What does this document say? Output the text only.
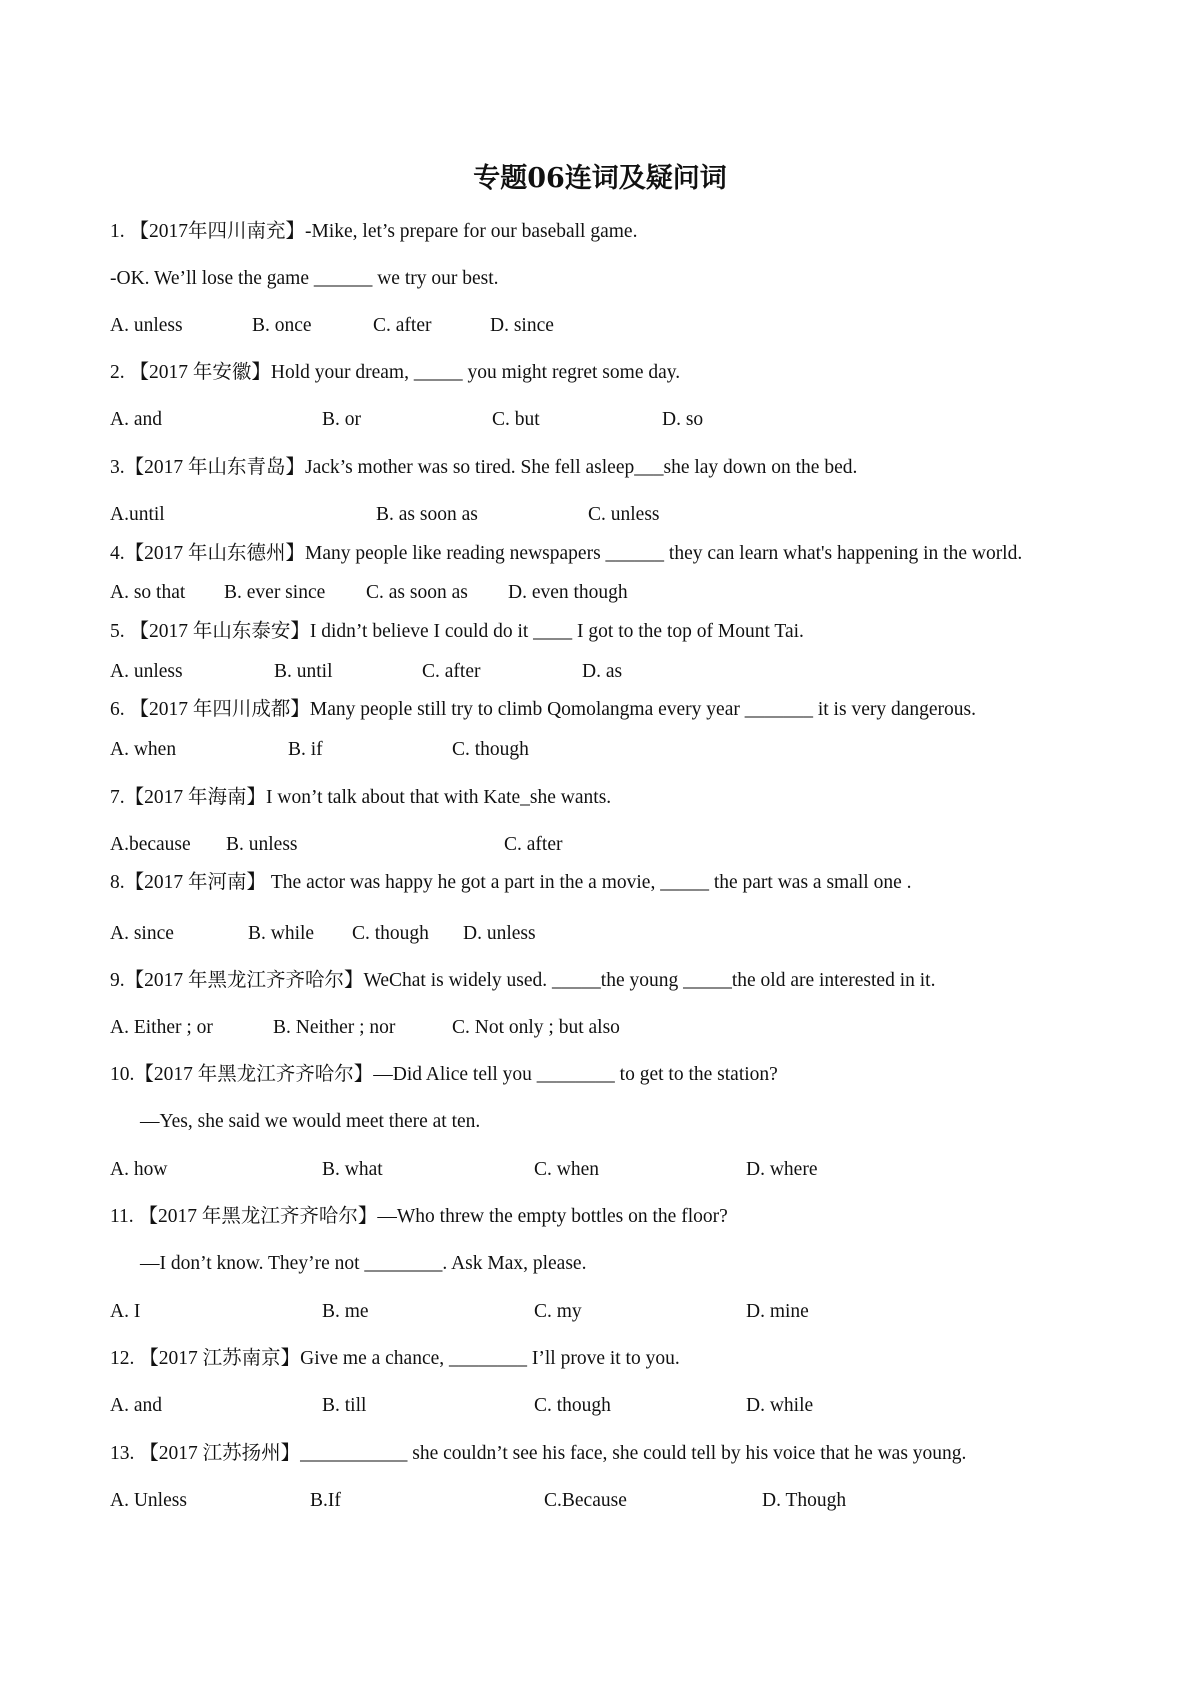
专题06连词及疑问词
1. 【2017年四川南充】-Mike, let’s prepare for our baseball game.
-OK. We’ll lose the game ______ we try our best.
A. unless	B. once	C. after	D. since
2. 【2017 年安徽】Hold your dream, _____ you might regret some day.
A. and	B. or	C. but	D. so
3.【2017 年山东青岛】Jack’s mother was so tired. She fell asleep___she lay down on the bed.
A.until	B. as soon as	C. unless
4.【2017 年山东德州】Many people like reading newspapers ______ they can learn what's happening in the world.
A. so that B. ever since C. as soon as D. even though
5. 【2017 年山东泰安】I didn’t believe I could do it ____ I got to the top of Mount Tai.
A. unless	B. until	C. after	D. as
6. 【2017 年四川成都】Many people still try to climb Qomolangma every year _______ it is very dangerous.
A. when	B. if	C. though
7.【2017 年海南】I won’t talk about that with Kate_she wants.
A.because B. unless	C. after
8.【2017 年河南】 The actor was happy he got a part in the a movie, _____ the part was a small one .
A. since	B. while C. though D. unless
9.【2017 年黑龙江齐齐哈尔】WeChat is widely used. _____the young _____the old are interested in it.
A. Either ; or	B. Neither ; nor	C. Not only ; but also
10.【2017 年黑龙江齐齐哈尔】—Did Alice tell you ________ to get to the station?
—Yes, she said we would meet there at ten.
A. how	B. what	C. when	D. where
11. 【2017 年黑龙江齐齐哈尔】—Who threw the empty bottles on the floor?
—I don’t know. They’re not ________. Ask Max, please.
A. I	B. me	C. my	D. mine
12. 【2017 江苏南京】Give me a chance, ________ I’ll prove it to you.
A. and	B. till	C. though	D. while
13. 【2017 江苏扬州】___________ she couldn’t see his face, she could tell by his voice that he was young.
A. Unless	B.If	C.Because	D. Though
